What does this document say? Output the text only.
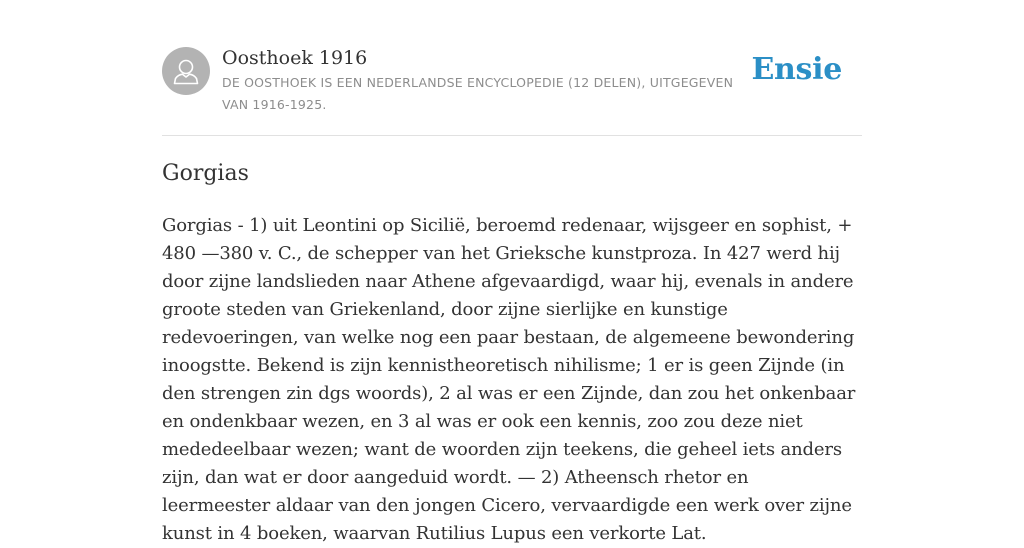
Oosthoek 1916

DE OOSTHOEK IS EEN NEDERLANDSE ENCYCLOPEDIE (12 DELEN), UITGEGEVEN VAN 1916-1925.

Ensie
Gorgias

Gorgias - 1) uit Leontini op Sicilië, beroemd redenaar, wijsgeer en sophist, + 480 —380 v. C., de schepper van het Grieksche kunstproza. In 427 werd hij door zijne landslieden naar Athene afgevaardigd, waar hij, evenals in andere groote steden van Griekenland, door zijne sierlijke en kunstige redevoeringen, van welke nog een paar bestaan, de algemeene bewondering inoogstte. Bekend is zijn kennistheoretisch nihilisme; 1 er is geen Zijnde (in den strengen zin dgs woords), 2 al was er een Zijnde, dan zou het onkenbaar en ondenkbaar wezen, en 3 al was er ook een kennis, zoo zou deze niet mededeelbaar wezen; want de woorden zijn teekens, die geheel iets anders zijn, dan wat er door aangeduid wordt. — 2) Atheensch rhetor en leermeester aldaar van den jongen Cicero, vervaardigde een werk over zijne kunst in 4 boeken, waarvan Rutilius Lupus een verkorte Lat.
